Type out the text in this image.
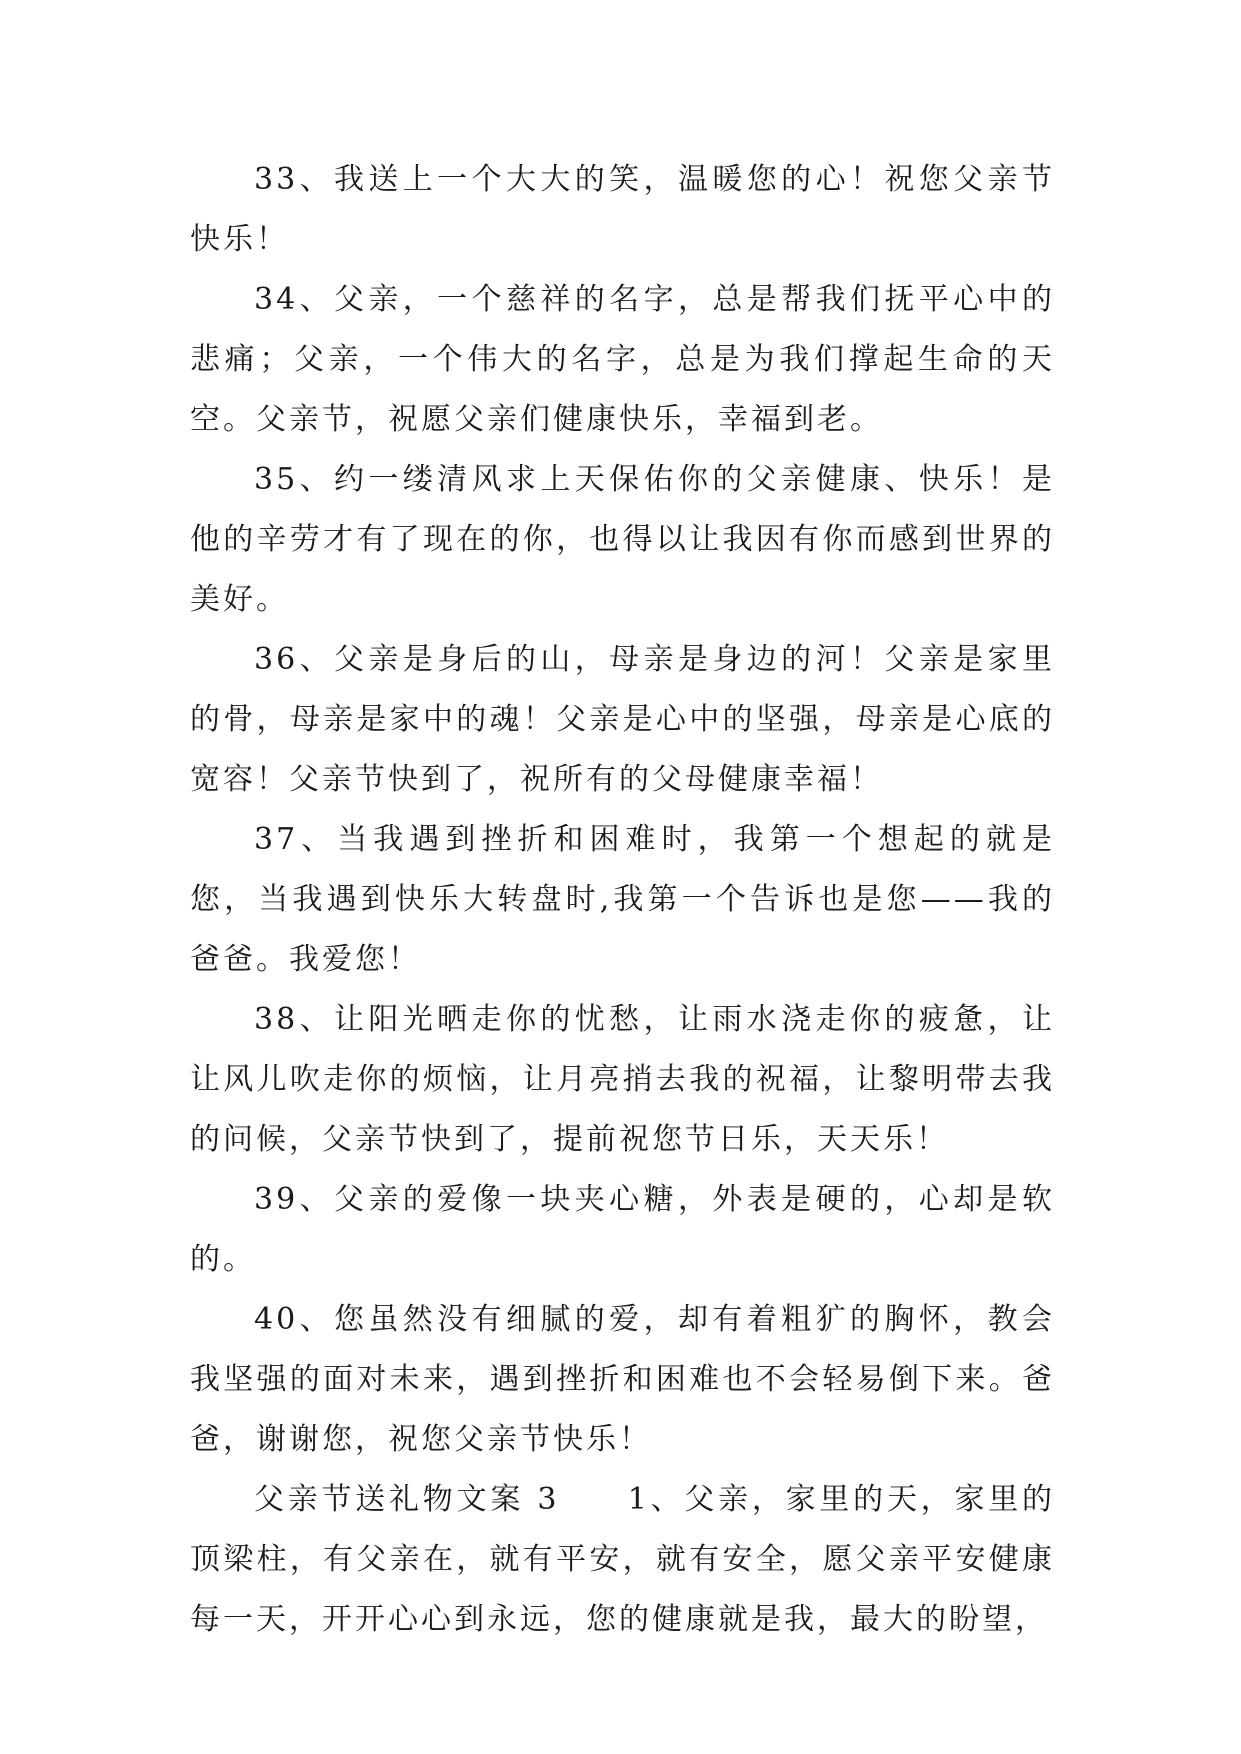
33、我送上一个大大的笑，温暖您的心！祝您父亲节快乐！

34、父亲，一个慈祥的名字，总是帮我们抚平心中的悲痛；父亲，一个伟大的名字，总是为我们撑起生命的天空。父亲节，祝愿父亲们健康快乐，幸福到老。

35、约一缕清风求上天保佑你的父亲健康、快乐！是他的辛劳才有了现在的你，也得以让我因有你而感到世界的美好。

36、父亲是身后的山，母亲是身边的河！父亲是家里的骨，母亲是家中的魂！父亲是心中的坚强，母亲是心底的宽容！父亲节快到了，祝所有的父母健康幸福！

37、当我遇到挫折和困难时，我第一个想起的就是您，当我遇到快乐大转盘时,我第一个告诉也是您——我的爸爸。我爱您！

38、让阳光晒走你的忧愁，让雨水浇走你的疲惫，让让风儿吹走你的烦恼，让月亮捎去我的祝福，让黎明带去我的问候，父亲节快到了，提前祝您节日乐，天天乐！

39、父亲的爱像一块夹心糖，外表是硬的，心却是软的。

40、您虽然没有细腻的爱，却有着粗犷的胸怀，教会我坚强的面对未来，遇到挫折和困难也不会轻易倒下来。爸爸，谢谢您，祝您父亲节快乐！

父亲节送礼物文案 3　　1、父亲，家里的天，家里的顶梁柱，有父亲在，就有平安，就有安全，愿父亲平安健康每一天，开开心心到永远，您的健康就是我，最大的盼望，
